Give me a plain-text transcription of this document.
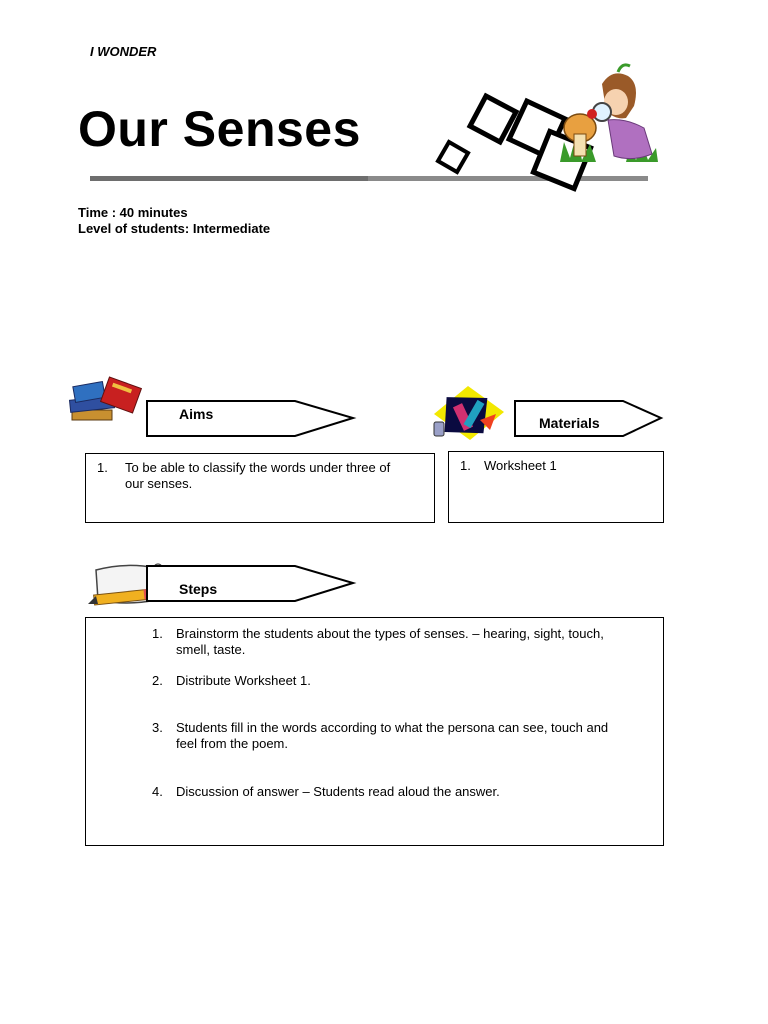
I WONDER
Our Senses
Time : 40 minutes
Level of students: Intermediate
Aims
1. To be able to classify the words under three of
our senses.
Materials
1. Worksheet 1
Steps
1. Brainstorm the students about the types of senses. – hearing, sight, touch,
smell, taste.
2. Distribute Worksheet 1.
3. Students fill in the words according to what the persona can see, touch and
feel from the poem.
4. Discussion of answer – Students read aloud the answer.
